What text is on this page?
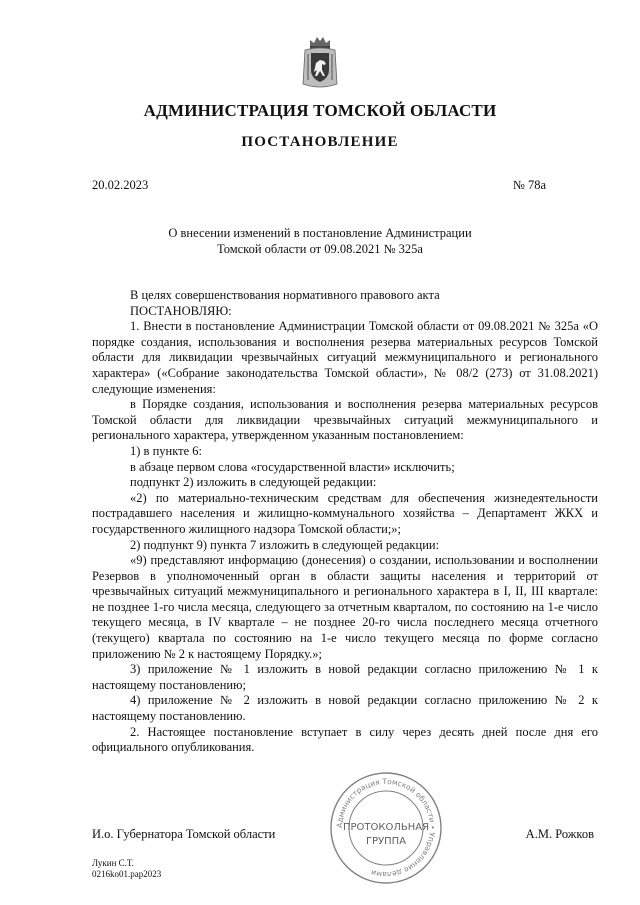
АДМИНИСТРАЦИЯ ТОМСКОЙ ОБЛАСТИ
ПОСТАНОВЛЕНИЕ
20.02.2023	№ 78а
О внесении изменений в постановление Администрации
Томской области от 09.08.2021 № 325а

В целях совершенствования нормативного правового акта

ПОСТАНОВЛЯЮ:

1. Внести в постановление Администрации Томской области от 09.08.2021 № 325а «О порядке создания, использования и восполнения резерва материальных ресурсов Томской области для ликвидации чрезвычайных ситуаций межмуниципального и регионального характера» («Собрание законодательства Томской области», № 08/2 (273) от 31.08.2021) следующие изменения:

в Порядке создания, использования и восполнения резерва материальных ресурсов Томской области для ликвидации чрезвычайных ситуаций межмуниципального и регионального характера, утвержденном указанным постановлением:

1) в пункте 6:

в абзаце первом слова «государственной власти» исключить;

подпункт 2) изложить в следующей редакции:

«2) по материально-техническим средствам для обеспечения жизнедеятельности пострадавшего населения и жилищно-коммунального хозяйства – Департамент ЖКХ и государственного жилищного надзора Томской области;»;

2) подпункт 9) пункта 7 изложить в следующей редакции:

«9) представляют информацию (донесения) о создании, использовании и восполнении Резервов в уполномоченный орган в области защиты населения и территорий от чрезвычайных ситуаций межмуниципального и регионального характера в I, II, III квартале: не позднее 1-го числа месяца, следующего за отчетным кварталом, по состоянию на 1-е число текущего месяца, в IV квартале – не позднее 20-го числа последнего месяца отчетного (текущего) квартала по состоянию на 1-е число текущего месяца по форме согласно приложению № 2 к настоящему Порядку.»;

3) приложение № 1 изложить в новой редакции согласно приложению № 1 к настоящему постановлению;

4) приложение № 2 изложить в новой редакции согласно приложению № 2 к настоящему постановлению.

2. Настоящее постановление вступает в силу через десять дней после дня его официального опубликования.

Администрация Томской области • Управление делами
ПРОТОКОЛЬНАЯ
ГРУППА
И.о. Губернатора Томской области	А.М. Рожков
Лукин С.Т.
0216ko01.pap2023
